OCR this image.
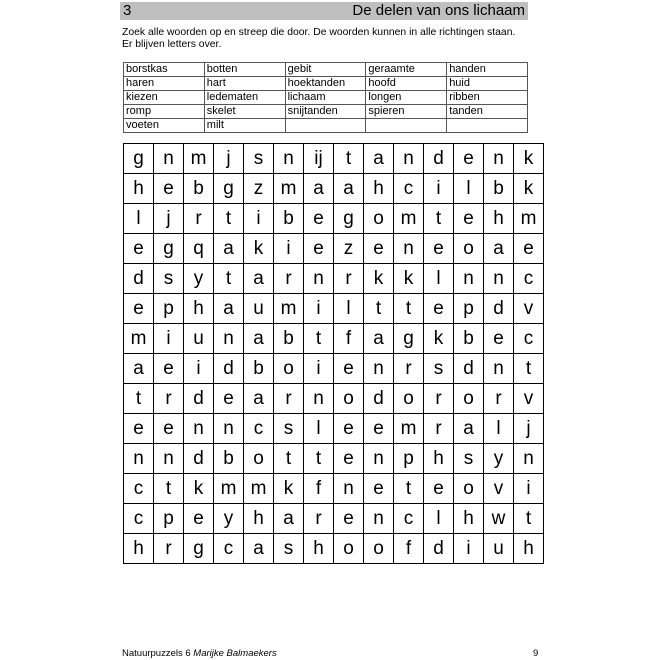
3	De delen van ons lichaam

Zoek alle woorden op en streep die door. De woorden kunnen in alle richtingen staan. Er blijven letters over.

borstkas	botten	gebit	geraamte	handen
haren	hart	hoektanden	hoofd	huid
kiezen	ledematen	lichaam	longen	ribben
romp	skelet	snijtanden	spieren	tanden
voeten	milt			
g	n	m	j	s	n	ij	t	a	n	d	e	n	k
h	e	b	g	z	m	a	a	h	c	i	l	b	k
l	j	r	t	i	b	e	g	o	m	t	e	h	m
e	g	q	a	k	i	e	z	e	n	e	o	a	e
d	s	y	t	a	r	n	r	k	k	l	n	n	c
e	p	h	a	u	m	i	l	t	t	e	p	d	v
m	i	u	n	a	b	t	f	a	g	k	b	e	c
a	e	i	d	b	o	i	e	n	r	s	d	n	t
t	r	d	e	a	r	n	o	d	o	r	o	r	v
e	e	n	n	c	s	l	e	e	m	r	a	l	j
n	n	d	b	o	t	t	e	n	p	h	s	y	n
c	t	k	m	m	k	f	n	e	t	e	o	v	i
c	p	e	y	h	a	r	e	n	c	l	h	w	t
h	r	g	c	a	s	h	o	o	f	d	i	u	h
Natuurpuzzels 6 Marijke Balmaekers	9
